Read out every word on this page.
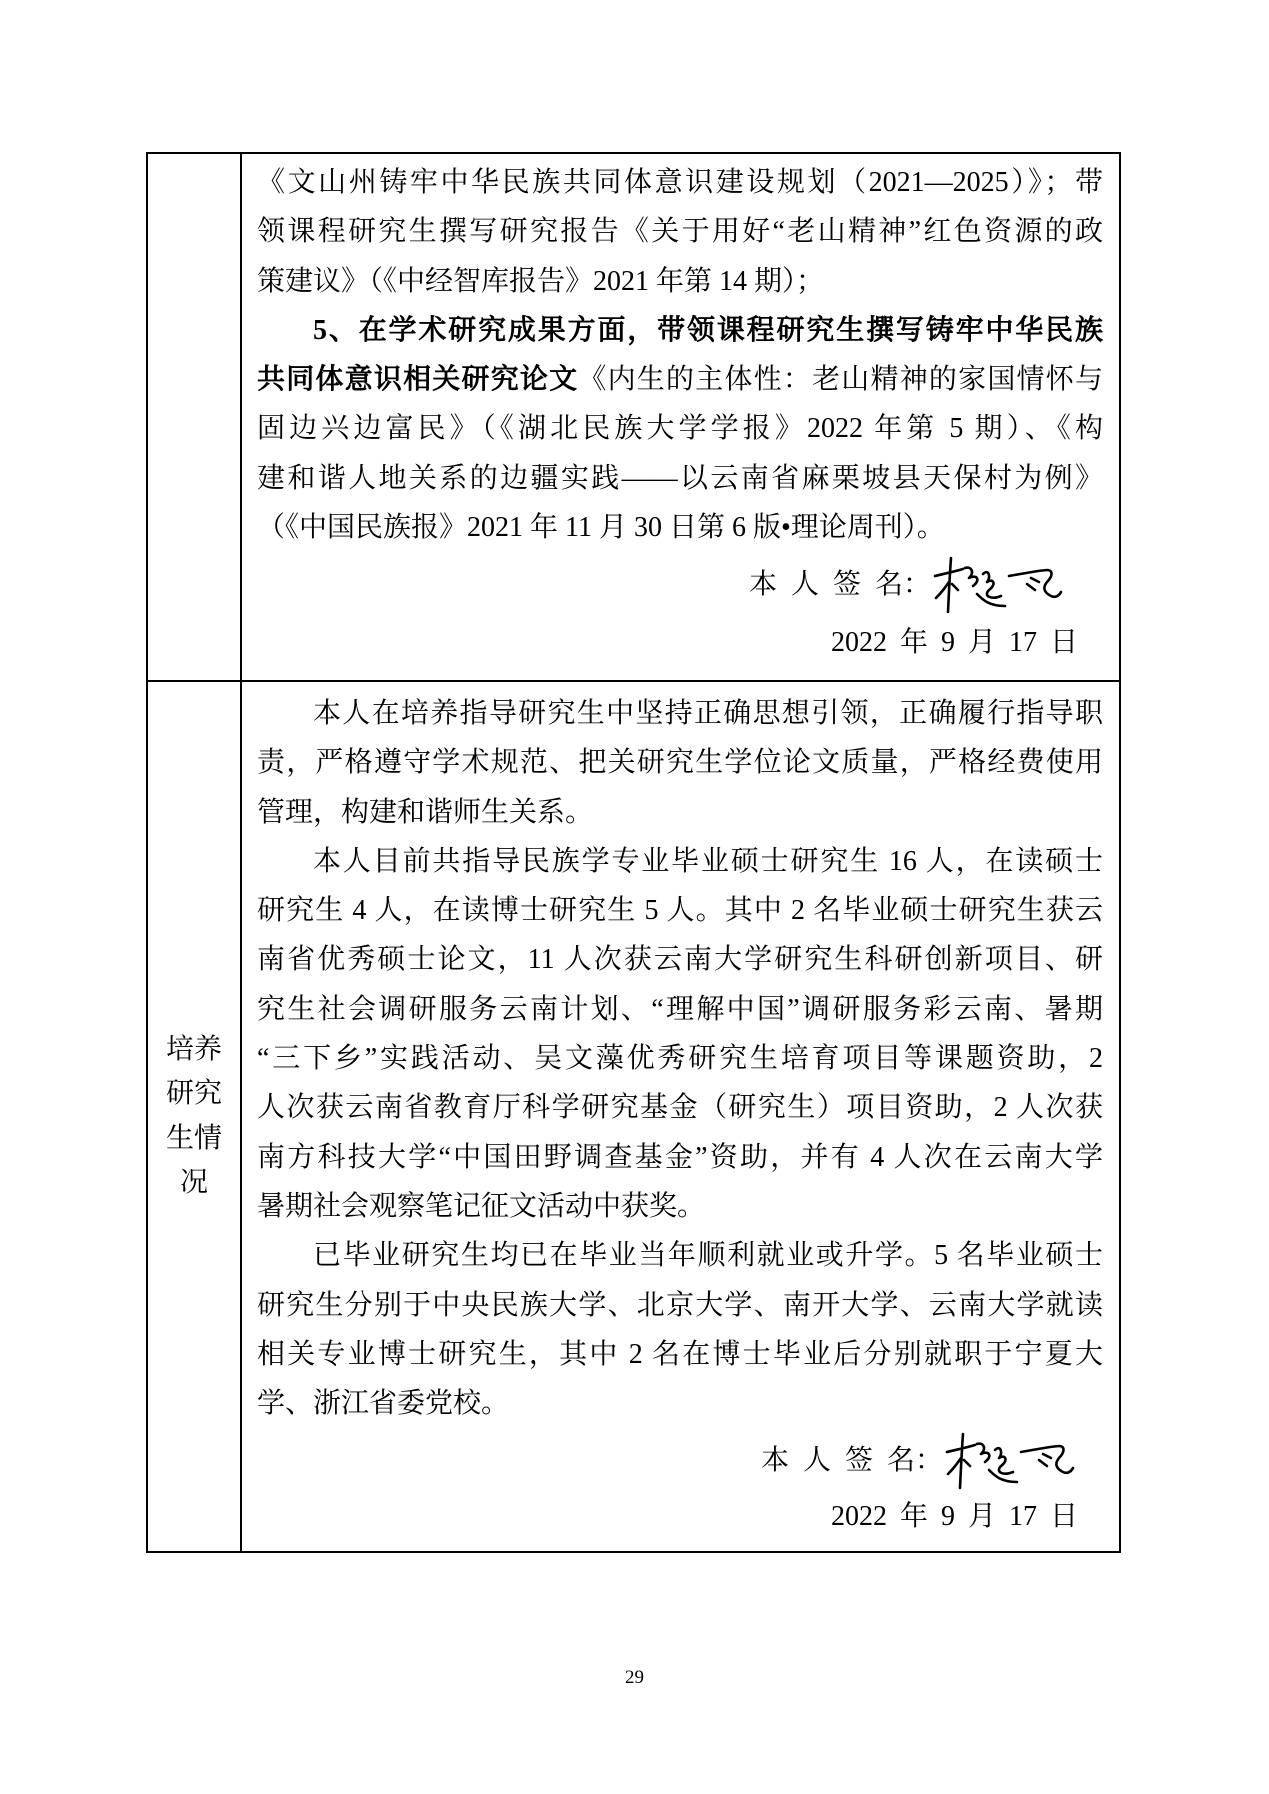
《文山州铸牢中华民族共同体意识建设规划（2021—2025）》；带
领课程研究生撰写研究报告《关于用好“老山精神”红色资源的政
策建议》（《中经智库报告》2021 年第 14 期）；
5、在学术研究成果方面，带领课程研究生撰写铸牢中华民族
共同体意识相关研究论文《内生的主体性：老山精神的家国情怀与
固边兴边富民》（《湖北民族大学学报》2022 年第 5 期）、《构
建和谐人地关系的边疆实践——以云南省麻栗坡县天保村为例》
（《中国民族报》2021 年 11 月 30 日第 6 版•理论周刊）。
本 人 签 名：
2022 年 9 月 17 日
培养
研究
生情
况
本人在培养指导研究生中坚持正确思想引领，正确履行指导职
责，严格遵守学术规范、把关研究生学位论文质量，严格经费使用
管理，构建和谐师生关系。
本人目前共指导民族学专业毕业硕士研究生 16 人，在读硕士
研究生 4 人，在读博士研究生 5 人。其中 2 名毕业硕士研究生获云
南省优秀硕士论文，11 人次获云南大学研究生科研创新项目、研
究生社会调研服务云南计划、“理解中国”调研服务彩云南、暑期
“三下乡”实践活动、吴文藻优秀研究生培育项目等课题资助，2
人次获云南省教育厅科学研究基金（研究生）项目资助，2 人次获
南方科技大学“中国田野调查基金”资助，并有 4 人次在云南大学
暑期社会观察笔记征文活动中获奖。
已毕业研究生均已在毕业当年顺利就业或升学。5 名毕业硕士
研究生分别于中央民族大学、北京大学、南开大学、云南大学就读
相关专业博士研究生，其中 2 名在博士毕业后分别就职于宁夏大
学、浙江省委党校。
本 人 签 名：
2022 年 9 月 17 日
29
